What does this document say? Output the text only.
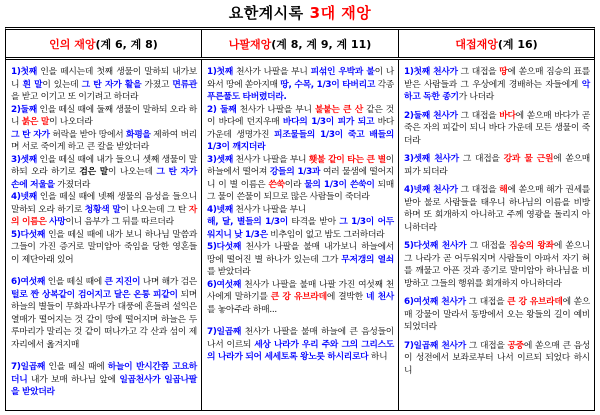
요한계시록 3대 재앙
인의 재앙 (계 6, 계 8)	나팔재앙 (계 8, 계 9, 계 11)	대접재앙 (계 16)
1)첫째 인을 떼시는데 첫째 생물이 말하되 내가보니 흰 말이 있는데 그 탄 자가 활을 가졌고 면류관을 받고 이기고 또 이기려고 하더라
2)둘째 인을 떼실 때에 둘째 생물이 말하되 오라 하니 붉은 말이 나오더라
그 탄 자가 허락을 받아 땅에서 화평을 제하여 버리며 서로 죽이게 하고 큰 칼을 받았더라
3)셋째 인을 떼실 때에 내가 들으니 셋째 생물이 말하되 오라 하기로 검은 말이 나오는데 그 탄 자가 손에 저울을 가졌더라
4)넷째 인을 떼실 때에 넷째 생물의 음성을 들으니 말하되 오라 하기로 청황색 말이 나오는데 그 탄 자의 이름은 사망이니 음부가 그 뒤를 따르더라
5)다섯째 인을 떼실 때에 내가 보니 하나님 말씀과 그들이 가진 증거로 말미암아 죽임을 당한 영혼들이 제단아래 있어
6)여섯째 인을 떼실 때에 큰 지진이 나며 해가 검은 털로 짠 상복같이 검어지고 달은 온통 피같이 되며 하늘의 별들이 무화과나무가 대풍에 흔들려 설익은 열매가 떨어지는 것 같이 땅에 떨어지며 하늘은 두루마리가 말리는 것 같이 떠나가고 각 산과 섬이 제 자리에서 옮겨지매
7)일곱째 인을 떼실 때에 하늘이 반시간쯤 고요하더니 내가 보매 하나님 앞에 일곱천사가 일곱나팔을 받았더라
1)첫째 천사가 나팔을 부니 피섞인 우박과 불이 나와서 땅에 쏟아지매 땅, 수목, 1/3이 타버리고 각종 푸른풀도 타버렸더라.
2) 둘째 천사가 나팔을 부니 불붙는 큰 산 같은 것이 바다에 던지우매 바다의 1/3이 피가 되고 바다 가운데 생명가진 피조물들의 1/3이 죽고 배들의 1/3이 깨지더라
3)셋째 천사가 나팔을 부니 횃불 같이 타는 큰 별이 하늘에서 떨어져 강들의 1/3과 여러 물샘에 떨어지니 이 별 이름은 쓴쑥이라 물의 1/3이 쓴쑥이 되매 그 물이 쓴물이 되므로 많은 사람들이 죽더라
4)넷째 천사가 나팔을 부니
해, 달, 별들의 1/3이 타격을 받아 그 1/3이 어두워지니 낮 1/3은 비추임이 없고 밤도 그러하더라
5)다섯째 천사가 나팔을 불매 내가보니 하늘에서 땅에 떨어진 별 하나가 있는데 그가 무저갱의 열쇠를 받았더라
6)여섯째 천사가 나팔을 불매 나팔 가진 여섯째 천사에게 말하기를 큰 강 유브라데에 결박한 네 천사를 놓아주라 하매...
7)일곱째 천사가 나팔을 불매 하늘에 큰 음성들이 나서 이르되 세상 나라가 우리 주와 그의 그리스도의 나라가 되어 세세토록 왕노릇 하시리로다 하니
1)첫째 천사가 그 대접을 땅에 쏟으매 짐승의 표를 받은 사람들과 그 우상에게 경배하는 자들에게 악하고 독한 종기가 나더라
2)둘째 천사가 그 대접을 바다에 쏟으매 바다가 곧 죽은 자의 피같이 되니 바다 가운데 모든 생물이 죽더라
3)셋째 천사가 그 대접을 강과 물 근원에 쏟으매 피가 되더라
4)넷째 천사가 그 대접을 해에 쏟으매 해가 권세를 받아 불로 사람들을 태우니 하나님의 이름을 비방하며 또 회개하지 아니하고 주께 영광을 돌리지 아니하더라
5)다섯째 천사가 그 대접을 짐승의 왕좌에 쏟으니 그 나라가 곧 어두워지며 사람들이 아파서 자기 혀를 깨물고 아픈 것과 종기로 말미암아 하나님을 비방하고 그들의 행위를 회개하지 아니하더라
6)여섯째 천사가 그 대접을 큰 강 유브라데에 쏟으매 강물이 말라서 동방에서 오는 왕들의 길이 예비되었더라
7)일곱째 천사가 그 대접을 공중에 쏟으매 큰 음성이 성전에서 보좌로부터 나서 이르되 되었다 하시니
